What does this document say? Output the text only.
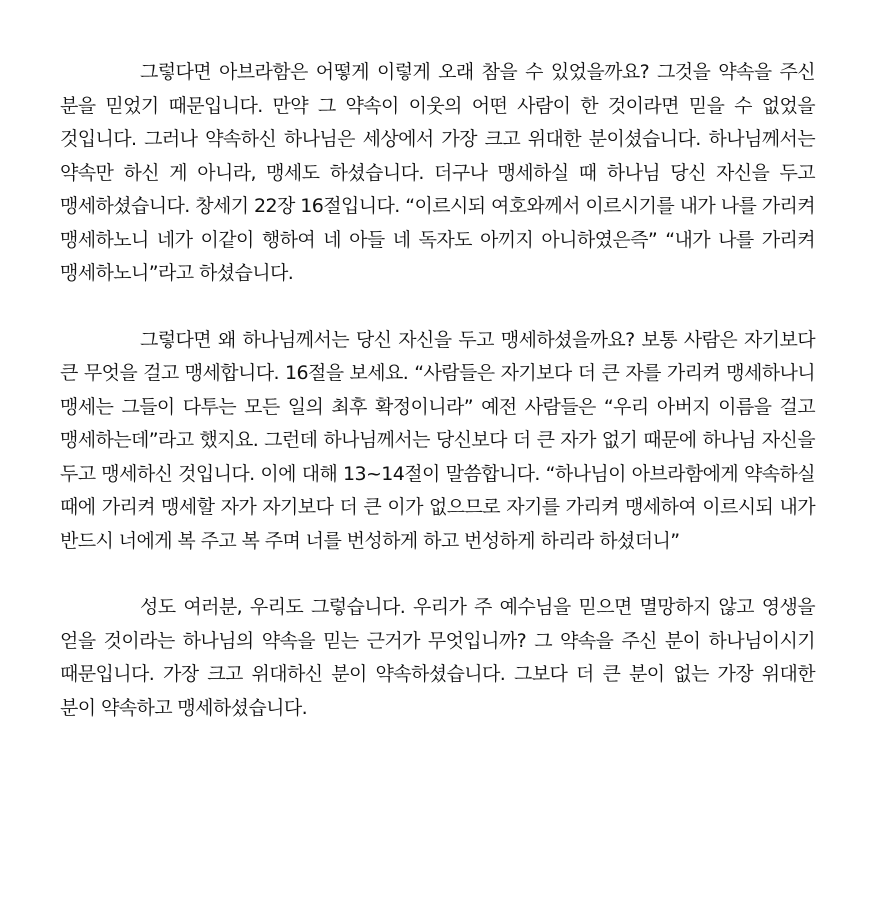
그렇다면 아브라함은 어떻게 이렇게 오래 참을 수 있었을까요? 그것을 약속을 주신 분을 믿었기 때문입니다. 만약 그 약속이 이웃의 어떤 사람이 한 것이라면 믿을 수 없었을 것입니다. 그러나 약속하신 하나님은 세상에서 가장 크고 위대한 분이셨습니다. 하나님께서는 약속만 하신 게 아니라, 맹세도 하셨습니다. 더구나 맹세하실 때 하나님 당신 자신을 두고 맹세하셨습니다. 창세기 22장 16절입니다. “이르시되 여호와께서 이르시기를 내가 나를 가리켜 맹세하노니 네가 이같이 행하여 네 아들 네 독자도 아끼지 아니하였은즉” “내가 나를 가리켜 맹세하노니”라고 하셨습니다.

그렇다면 왜 하나님께서는 당신 자신을 두고 맹세하셨을까요? 보통 사람은 자기보다 큰 무엇을 걸고 맹세합니다. 16절을 보세요. “사람들은 자기보다 더 큰 자를 가리켜 맹세하나니 맹세는 그들이 다투는 모든 일의 최후 확정이니라” 예전 사람들은 “우리 아버지 이름을 걸고 맹세하는데”라고 했지요. 그런데 하나님께서는 당신보다 더 큰 자가 없기 때문에 하나님 자신을 두고 맹세하신 것입니다. 이에 대해 13~14절이 말씀합니다. “하나님이 아브라함에게 약속하실 때에 가리켜 맹세할 자가 자기보다 더 큰 이가 없으므로 자기를 가리켜 맹세하여 이르시되 내가 반드시 너에게 복 주고 복 주며 너를 번성하게 하고 번성하게 하리라 하셨더니”

성도 여러분, 우리도 그렇습니다. 우리가 주 예수님을 믿으면 멸망하지 않고 영생을 얻을 것이라는 하나님의 약속을 믿는 근거가 무엇입니까? 그 약속을 주신 분이 하나님이시기 때문입니다. 가장 크고 위대하신 분이 약속하셨습니다. 그보다 더 큰 분이 없는 가장 위대한 분이 약속하고 맹세하셨습니다.
